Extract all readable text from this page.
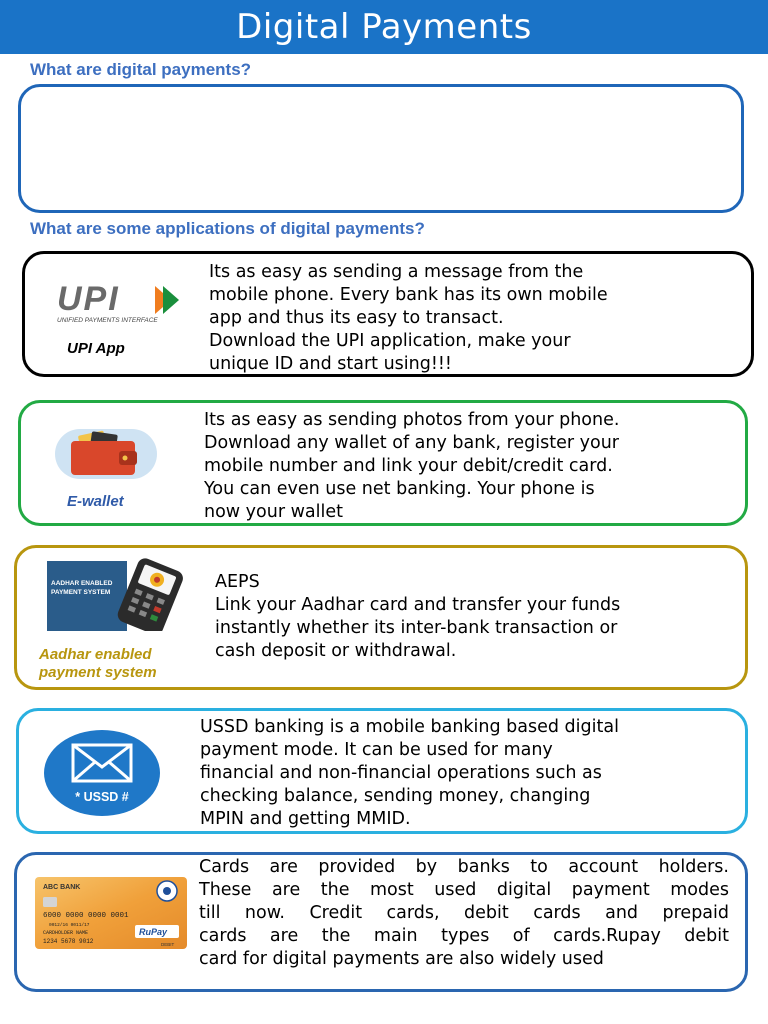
Digital Payments

What are digital payments?

What are some applications of digital payments?

UPI
UNIFIED PAYMENTS INTERFACE
UPI App
Its as easy as sending a message from the
mobile phone. Every bank has its own mobile
app and thus its easy to transact.
Download the UPI application, make your
unique ID and start using!!!
E-wallet
Its as easy as sending photos from your phone.
Download any wallet of any bank, register your
mobile number and link your debit/credit card.
You can even use net banking. Your phone is
now your wallet
AADHAR ENABLED
PAYMENT SYSTEM
Aadhar enabled
payment system
AEPS
Link your Aadhar card and transfer your funds
instantly whether its inter-bank transaction or
cash deposit or withdrawal.
* USSD #
USSD banking is a mobile banking based digital
payment mode. It can be used for many
financial and non-financial operations such as
checking balance, sending money, changing
MPIN and getting MMID.
ABC BANK
6000 0000 0000 0001
0012/16 0011/17
CARDHOLDER NAME
1234 5678 9012
RuPay
DEBIT
Cards are provided by banks to account holders.
These are the most used digital payment modes
till now. Credit cards, debit cards and prepaid
cards are the main types of cards.Rupay debit
card for digital payments are also widely used
